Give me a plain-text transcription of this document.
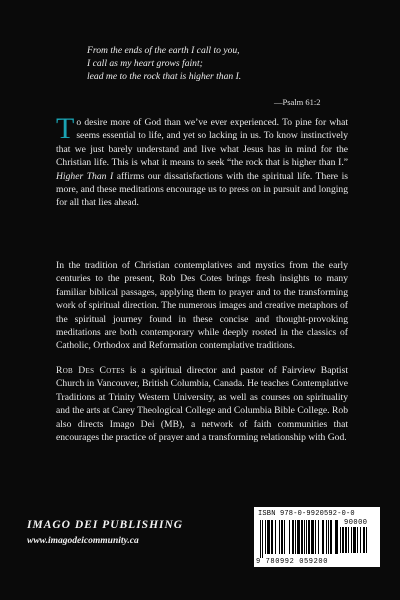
From the ends of the earth I call to you,
I call as my heart grows faint;
lead me to the rock that is higher than I.
—Psalm 61:2
To desire more of God than we’ve ever experienced. To pine for what seems essential to life, and yet so lacking in us. To know instinctively that we just barely understand and live what Jesus has in mind for the Christian life. This is what it means to seek “the rock that is higher than I.” Higher Than I affirms our dissatisfactions with the spiritual life. There is more, and these meditations encourage us to press on in pursuit and longing for all that lies ahead.
In the tradition of Christian contemplatives and mystics from the early centuries to the present, Rob Des Cotes brings fresh insights to many familiar biblical passages, applying them to prayer and to the transforming work of spiritual direction. The numerous images and creative metaphors of the spiritual journey found in these concise and thought-provoking meditations are both contemporary while deeply rooted in the classics of Catholic, Orthodox and Reformation contemplative traditions.
Rob Des Cotes is a spiritual director and pastor of Fairview Baptist Church in Vancouver, British Columbia, Canada. He teaches Contemplative Traditions at Trinity Western University, as well as courses on spirituality and the arts at Carey Theological College and Columbia Bible College. Rob also directs Imago Dei (MB), a network of faith communities that encourages the practice of prayer and a transforming relationship with God.
IMAGO DEI PUBLISHING
www.imagodeicommunity.ca
ISBN 978-0-9920592-0-0
90000
9 780992 059200
